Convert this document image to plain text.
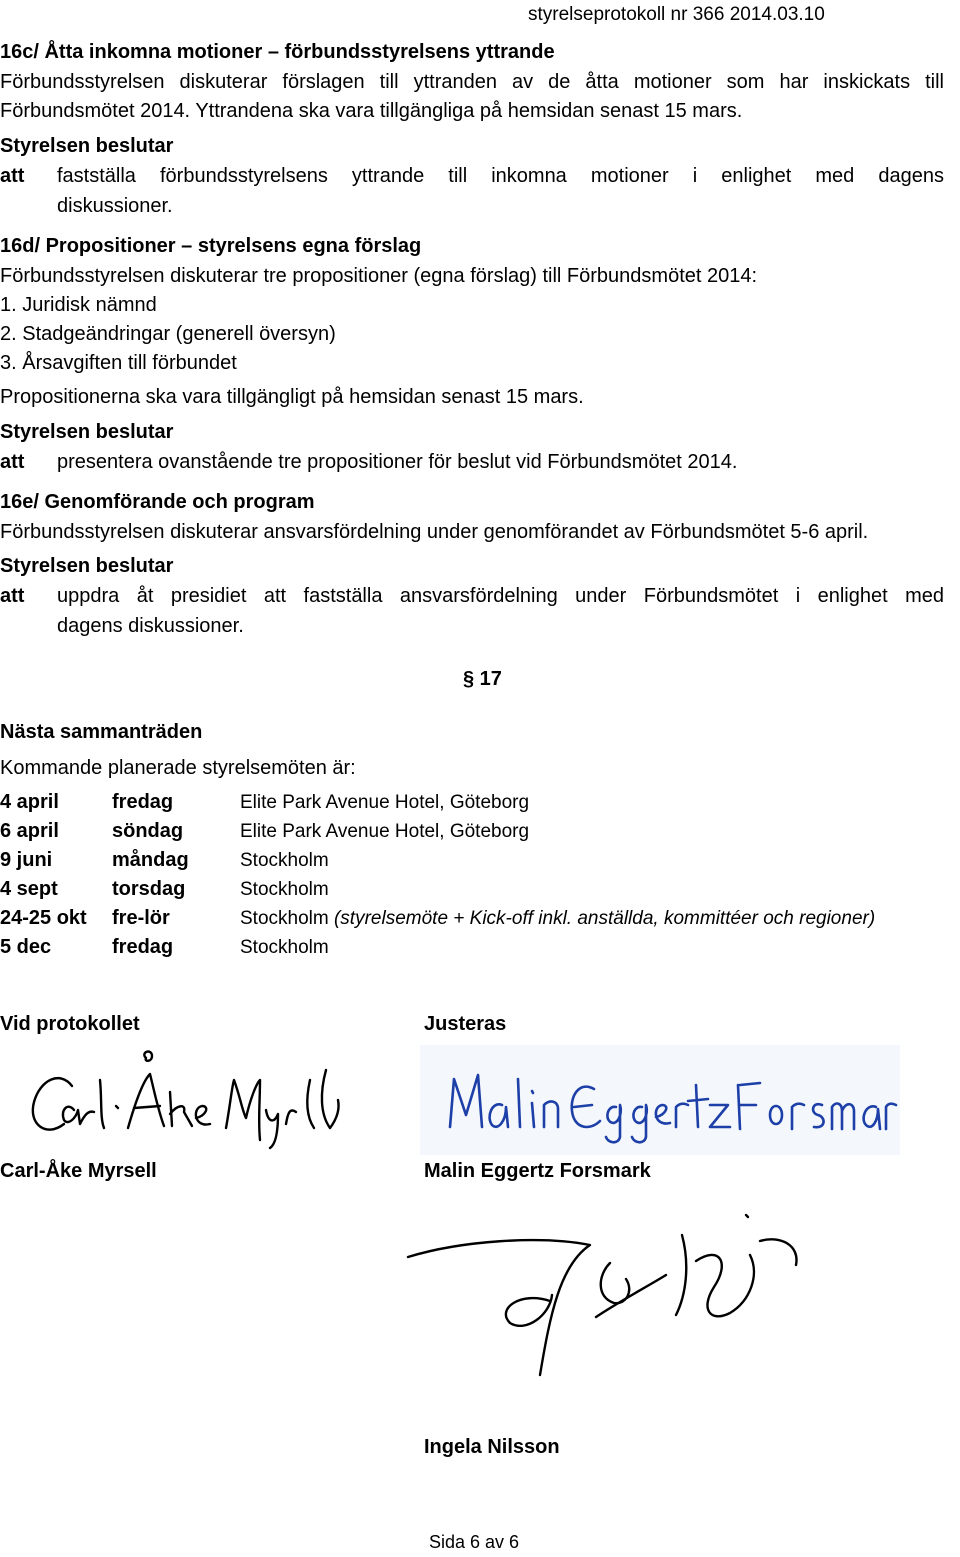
styrelseprotokoll nr 366 2014.03.10
16c/ Åtta inkomna motioner – förbundsstyrelsens yttrande
Förbundsstyrelsen diskuterar förslagen till yttranden av de åtta motioner som har inskickats till
Förbundsmötet 2014. Yttrandena ska vara tillgängliga på hemsidan senast 15 mars.
Styrelsen beslutar
att fastställa förbundsstyrelsens yttrande till inkomna motioner i enlighet med dagens
diskussioner.
16d/ Propositioner – styrelsens egna förslag
Förbundsstyrelsen diskuterar tre propositioner (egna förslag) till Förbundsmötet 2014:
1. Juridisk nämnd
2. Stadgeändringar (generell översyn)
3. Årsavgiften till förbundet
Propositionerna ska vara tillgängligt på hemsidan senast 15 mars.
Styrelsen beslutar
att presentera ovanstående tre propositioner för beslut vid Förbundsmötet 2014.
16e/ Genomförande och program
Förbundsstyrelsen diskuterar ansvarsfördelning under genomförandet av Förbundsmötet 5-6 april.
Styrelsen beslutar
att uppdra åt presidiet att fastställa ansvarsfördelning under Förbundsmötet i enlighet med
dagens diskussioner.
§ 17
Nästa sammanträden
Kommande planerade styrelsemöten är:
4 april	fredag	Elite Park Avenue Hotel, Göteborg
6 april	söndag	Elite Park Avenue Hotel, Göteborg
9 juni	måndag	Stockholm
4 sept	torsdag	Stockholm
24-25 okt fre-lör	Stockholm (styrelsemöte + Kick-off inkl. anställda, kommittéer och regioner)
5 dec	fredag	Stockholm
Vid protokollet	Justeras
Carl-Åke Myrsell	Malin Eggertz Forsmark
Ingela Nilsson
Sida 6 av 6
